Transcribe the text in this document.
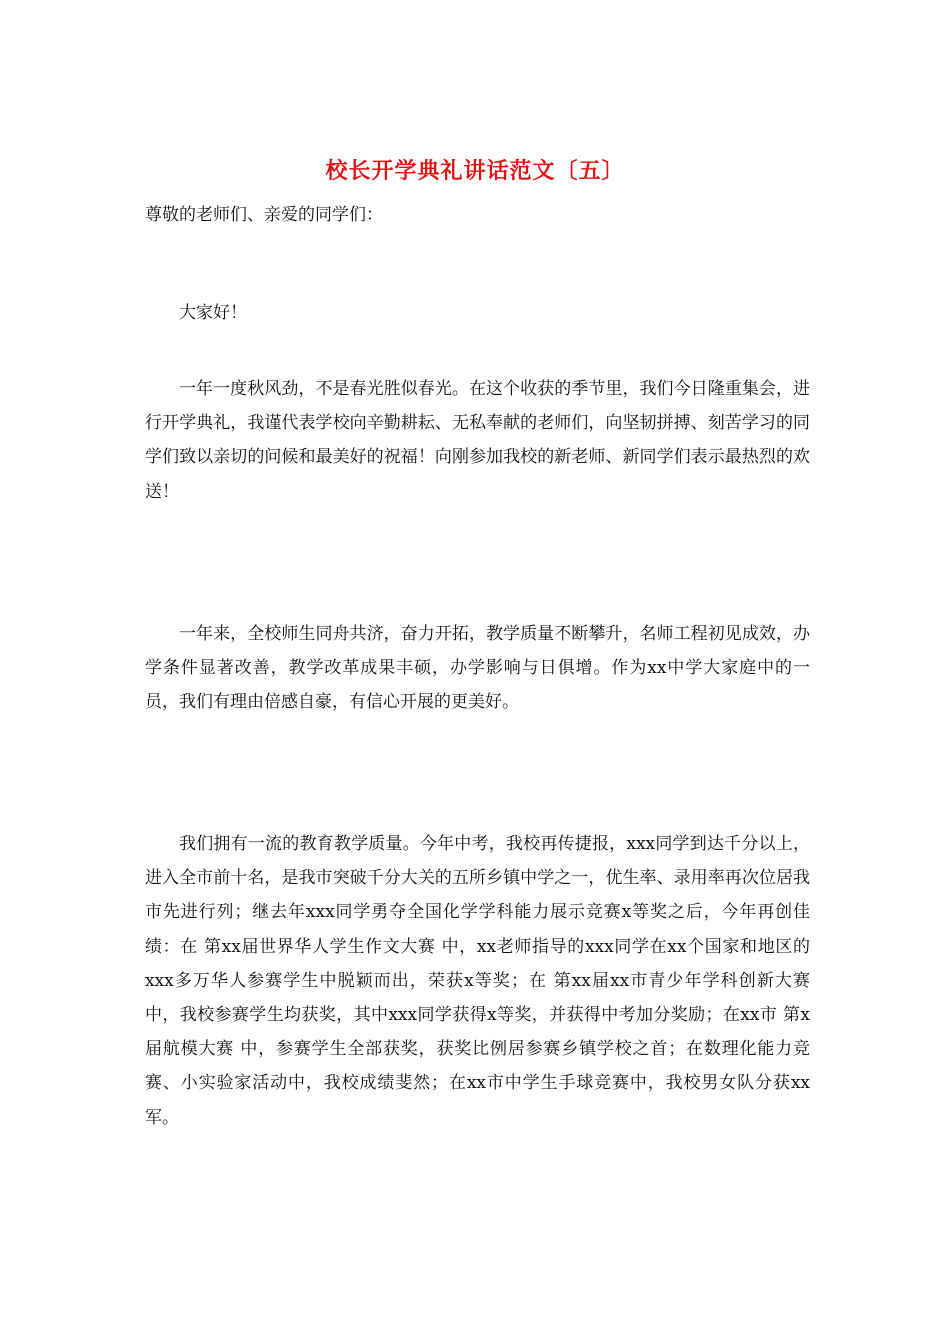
校长开学典礼讲话范文〔五〕
尊敬的老师们、亲爱的同学们：

大家好！

一年一度秋风劲，不是春光胜似春光。在这个收获的季节里，我们今日隆重集会，进行开学典礼，我谨代表学校向辛勤耕耘、无私奉献的老师们，向坚韧拼搏、刻苦学习的同学们致以亲切的问候和最美好的祝福！向刚参加我校的新老师、新同学们表示最热烈的欢送！

一年来，全校师生同舟共济，奋力开拓，教学质量不断攀升，名师工程初见成效，办学条件显著改善，教学改革成果丰硕，办学影响与日俱增。作为xx中学大家庭中的一员，我们有理由倍感自豪，有信心开展的更美好。

我们拥有一流的教育教学质量。今年中考，我校再传捷报，xxx同学到达千分以上，进入全市前十名，是我市突破千分大关的五所乡镇中学之一，优生率、录用率再次位居我市先进行列；继去年xxx同学勇夺全国化学学科能力展示竞赛x等奖之后，今年再创佳绩：在 第xx届世界华人学生作文大赛 中，xx老师指导的xxx同学在xx个国家和地区的xxx多万华人参赛学生中脱颖而出，荣获x等奖；在 第xx届xx市青少年学科创新大赛 中，我校参赛学生均获奖，其中xxx同学获得x等奖，并获得中考加分奖励；在xx市 第x届航模大赛 中，参赛学生全部获奖，获奖比例居参赛乡镇学校之首；在数理化能力竞赛、小实验家活动中，我校成绩斐然；在xx市中学生手球竞赛中，我校男女队分获xx军。
